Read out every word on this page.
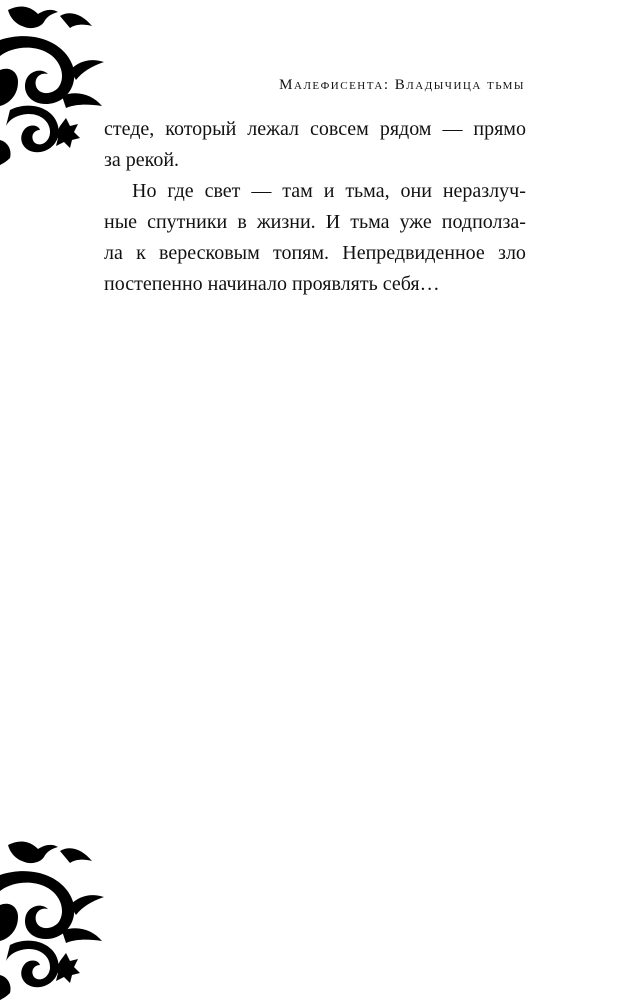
Малефисента: Владычица тьмы
стеде, который лежал совсем рядом — прямо
за рекой.
Но где свет — там и тьма, они неразлуч-
ные спутники в жизни. И тьма уже подполза-
ла к вересковым топям. Непредвиденное зло
постепенно начинало проявлять себя…
